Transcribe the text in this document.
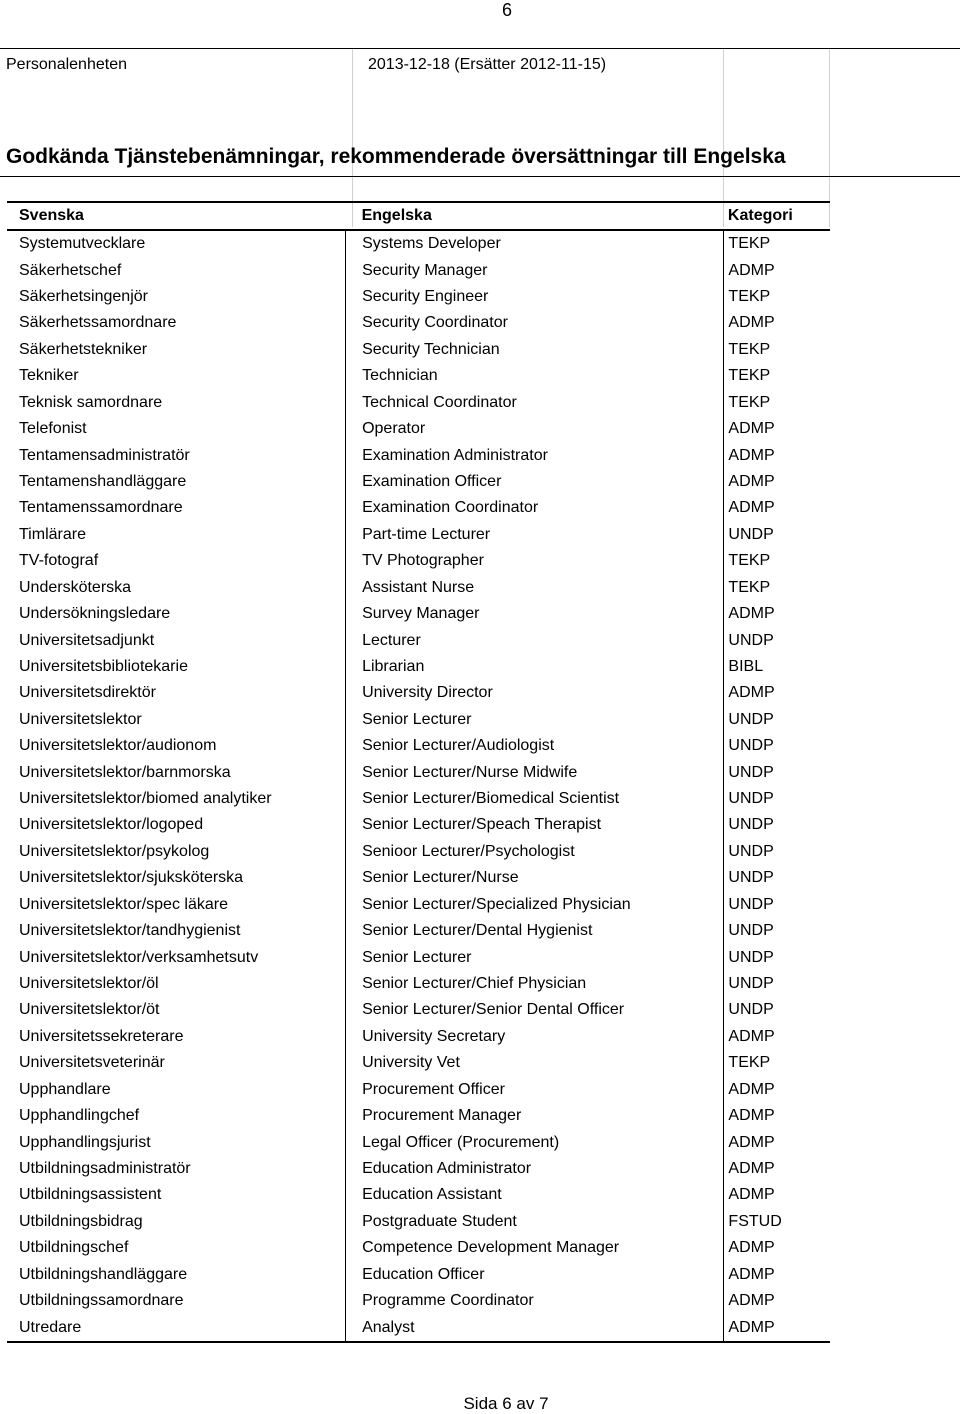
6
Personalenheten	2013-12-18 (Ersätter 2012-11-15)
Godkända Tjänstebenämningar, rekommenderade översättningar till Engelska
Svenska	Engelska	Kategori
Systemutvecklare	Systems Developer	TEKP
Säkerhetschef	Security Manager	ADMP
Säkerhetsingenjör	Security Engineer	TEKP
Säkerhetssamordnare	Security Coordinator	ADMP
Säkerhetstekniker	Security Technician	TEKP
Tekniker	Technician	TEKP
Teknisk samordnare	Technical Coordinator	TEKP
Telefonist	Operator	ADMP
Tentamensadministratör	Examination Administrator	ADMP
Tentamenshandläggare	Examination Officer	ADMP
Tentamenssamordnare	Examination Coordinator	ADMP
Timlärare	Part-time Lecturer	UNDP
TV-fotograf	TV Photographer	TEKP
Undersköterska	Assistant Nurse	TEKP
Undersökningsledare	Survey Manager	ADMP
Universitetsadjunkt	Lecturer	UNDP
Universitetsbibliotekarie	Librarian	BIBL
Universitetsdirektör	University Director	ADMP
Universitetslektor	Senior Lecturer	UNDP
Universitetslektor/audionom	Senior Lecturer/Audiologist	UNDP
Universitetslektor/barnmorska	Senior Lecturer/Nurse Midwife	UNDP
Universitetslektor/biomed analytiker	Senior Lecturer/Biomedical Scientist	UNDP
Universitetslektor/logoped	Senior Lecturer/Speach Therapist	UNDP
Universitetslektor/psykolog	Senioor Lecturer/Psychologist	UNDP
Universitetslektor/sjuksköterska	Senior Lecturer/Nurse	UNDP
Universitetslektor/spec läkare	Senior Lecturer/Specialized Physician	UNDP
Universitetslektor/tandhygienist	Senior Lecturer/Dental Hygienist	UNDP
Universitetslektor/verksamhetsutv	Senior Lecturer	UNDP
Universitetslektor/öl	Senior Lecturer/Chief Physician	UNDP
Universitetslektor/öt	Senior Lecturer/Senior Dental Officer	UNDP
Universitetssekreterare	University Secretary	ADMP
Universitetsveterinär	University Vet	TEKP
Upphandlare	Procurement Officer	ADMP
Upphandlingchef	Procurement Manager	ADMP
Upphandlingsjurist	Legal Officer (Procurement)	ADMP
Utbildningsadministratör	Education Administrator	ADMP
Utbildningsassistent	Education Assistant	ADMP
Utbildningsbidrag	Postgraduate Student	FSTUD
Utbildningschef	Competence Development Manager	ADMP
Utbildningshandläggare	Education Officer	ADMP
Utbildningssamordnare	Programme Coordinator	ADMP
Utredare	Analyst	ADMP
Sida 6 av 7
